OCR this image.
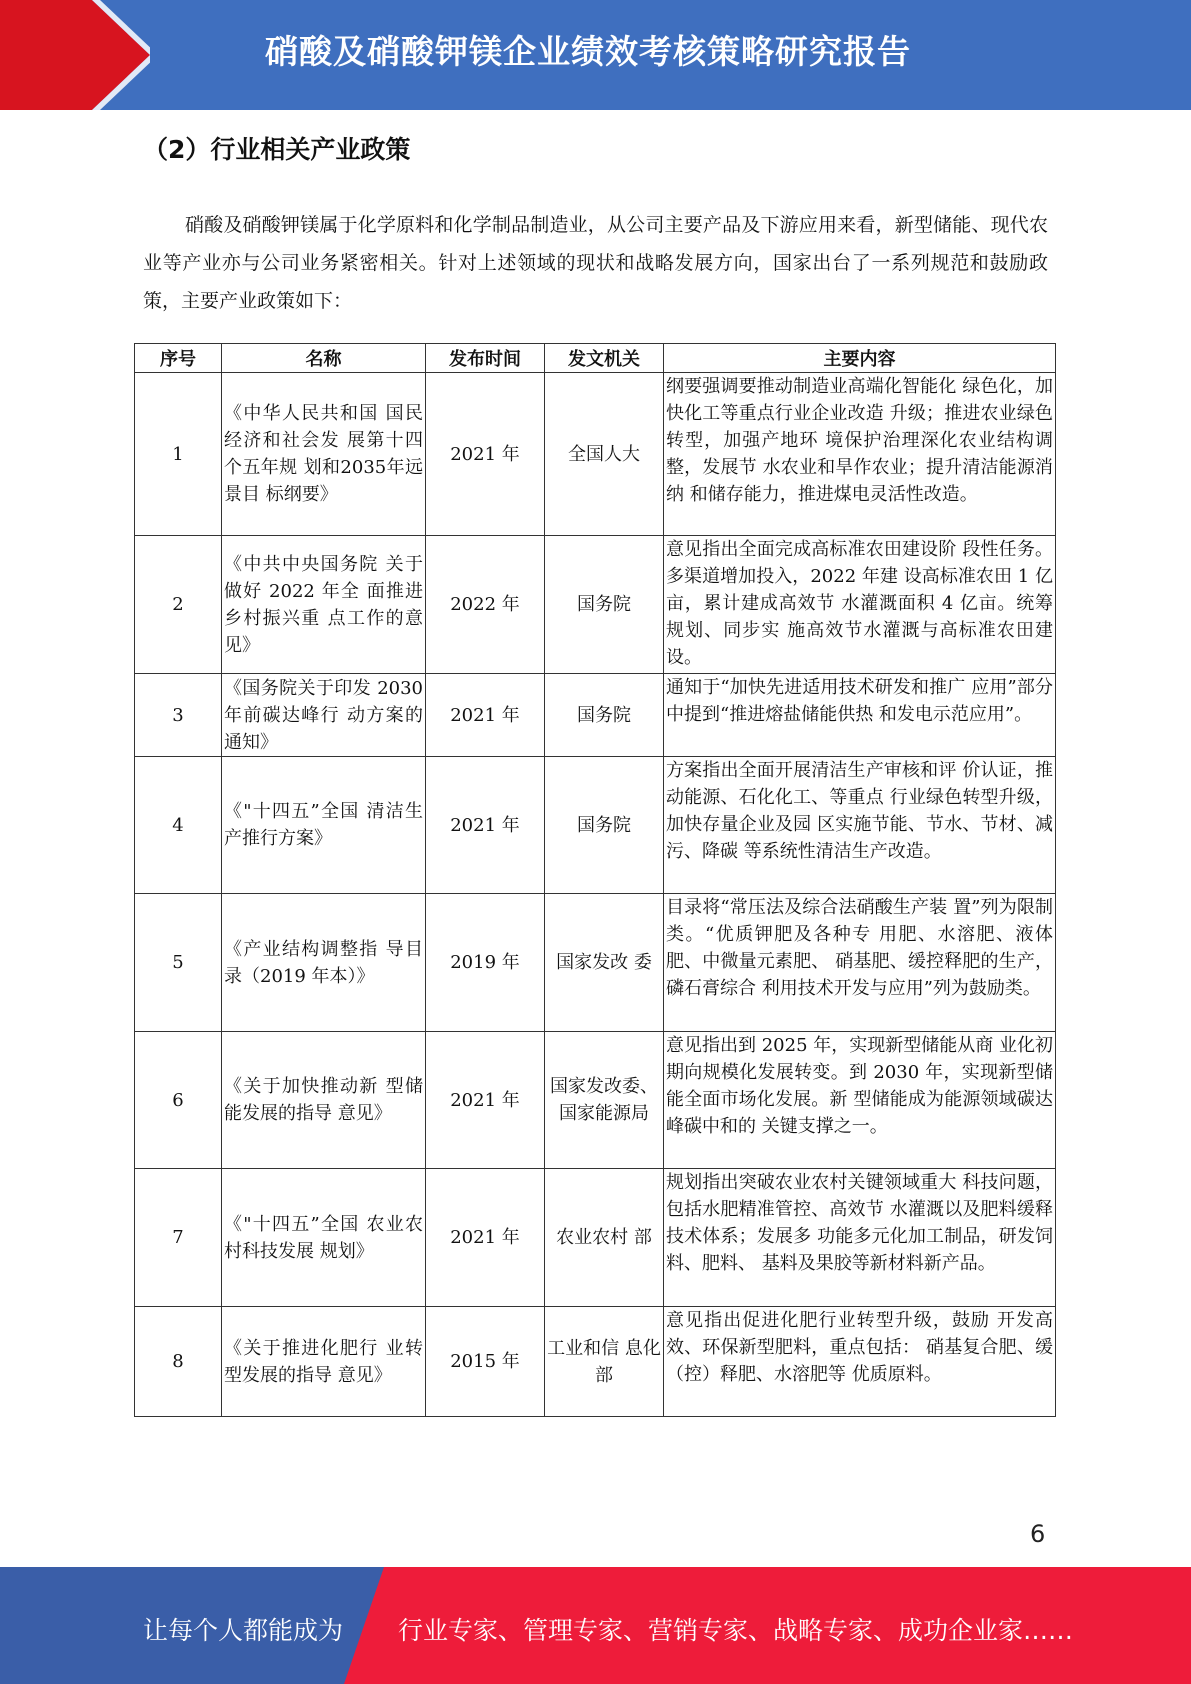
硝酸及硝酸钾镁企业绩效考核策略研究报告
（2）行业相关产业政策

硝酸及硝酸钾镁属于化学原料和化学制品制造业，从公司主要产品及下游应用来看，新型储能、现代农业等产业亦与公司业务紧密相关。针对上述领域的现状和战略发展方向，国家出台了一系列规范和鼓励政策，主要产业政策如下：

序号	名称	发布时间	发文机关	主要内容
1	《中华人民共和国 国民经济和社会发 展第十四个五年规 划和2035年远景目 标纲要》	2021 年	全国人大	纲要强调要推动制造业高端化智能化 绿色化，加快化工等重点行业企业改造 升级；推进农业绿色转型，加强产地环 境保护治理深化农业结构调整，发展节 水农业和旱作农业；提升清洁能源消纳 和储存能力，推进煤电灵活性改造。
2	《中共中央国务院 关于做好 2022 年全 面推进乡村振兴重 点工作的意见》	2022 年	国务院	意见指出全面完成高标准农田建设阶 段性任务。多渠道增加投入，2022 年建 设高标准农田 1 亿亩，累计建成高效节 水灌溉面积 4 亿亩。统筹规划、同步实 施高效节水灌溉与高标准农田建设。
3	《国务院关于印发 2030 年前碳达峰行 动方案的通知》	2021 年	国务院	通知于“加快先进适用技术研发和推广 应用”部分中提到“推进熔盐储能供热 和发电示范应用”。
4	《"十四五”全国 清洁生产推行方案》	2021 年	国务院	方案指出全面开展清洁生产审核和评 价认证，推动能源、石化化工、等重点 行业绿色转型升级，加快存量企业及园 区实施节能、节水、节材、减污、降碳 等系统性清洁生产改造。
5	《产业结构调整指 导目录（2019 年本）》	2019 年	国家发改 委	目录将“常压法及综合法硝酸生产装 置”列为限制类。“优质钾肥及各种专 用肥、水溶肥、液体肥、中微量元素肥、 硝基肥、缓控释肥的生产，磷石膏综合 利用技术开发与应用”列为鼓励类。
6	《关于加快推动新 型储能发展的指导 意见》	2021 年	国家发改委、国家能源局	意见指出到 2025 年，实现新型储能从商 业化初期向规模化发展转变。到 2030 年，实现新型储能全面市场化发展。新 型储能成为能源领域碳达峰碳中和的 关键支撑之一。
7	《"十四五”全国 农业农村科技发展 规划》	2021 年	农业农村 部	规划指出突破农业农村关键领域重大 科技问题，包括水肥精准管控、高效节 水灌溉以及肥料缓释技术体系；发展多 功能多元化加工制品，研发饲料、肥料、 基料及果胶等新材料新产品。
8	《关于推进化肥行 业转型发展的指导 意见》	2015 年	工业和信 息化部	意见指出促进化肥行业转型升级，鼓励 开发高效、环保新型肥料，重点包括： 硝基复合肥、缓（控）释肥、水溶肥等 优质原料。
6
让每个人都能成为 行业专家、管理专家、营销专家、战略专家、成功企业家……
